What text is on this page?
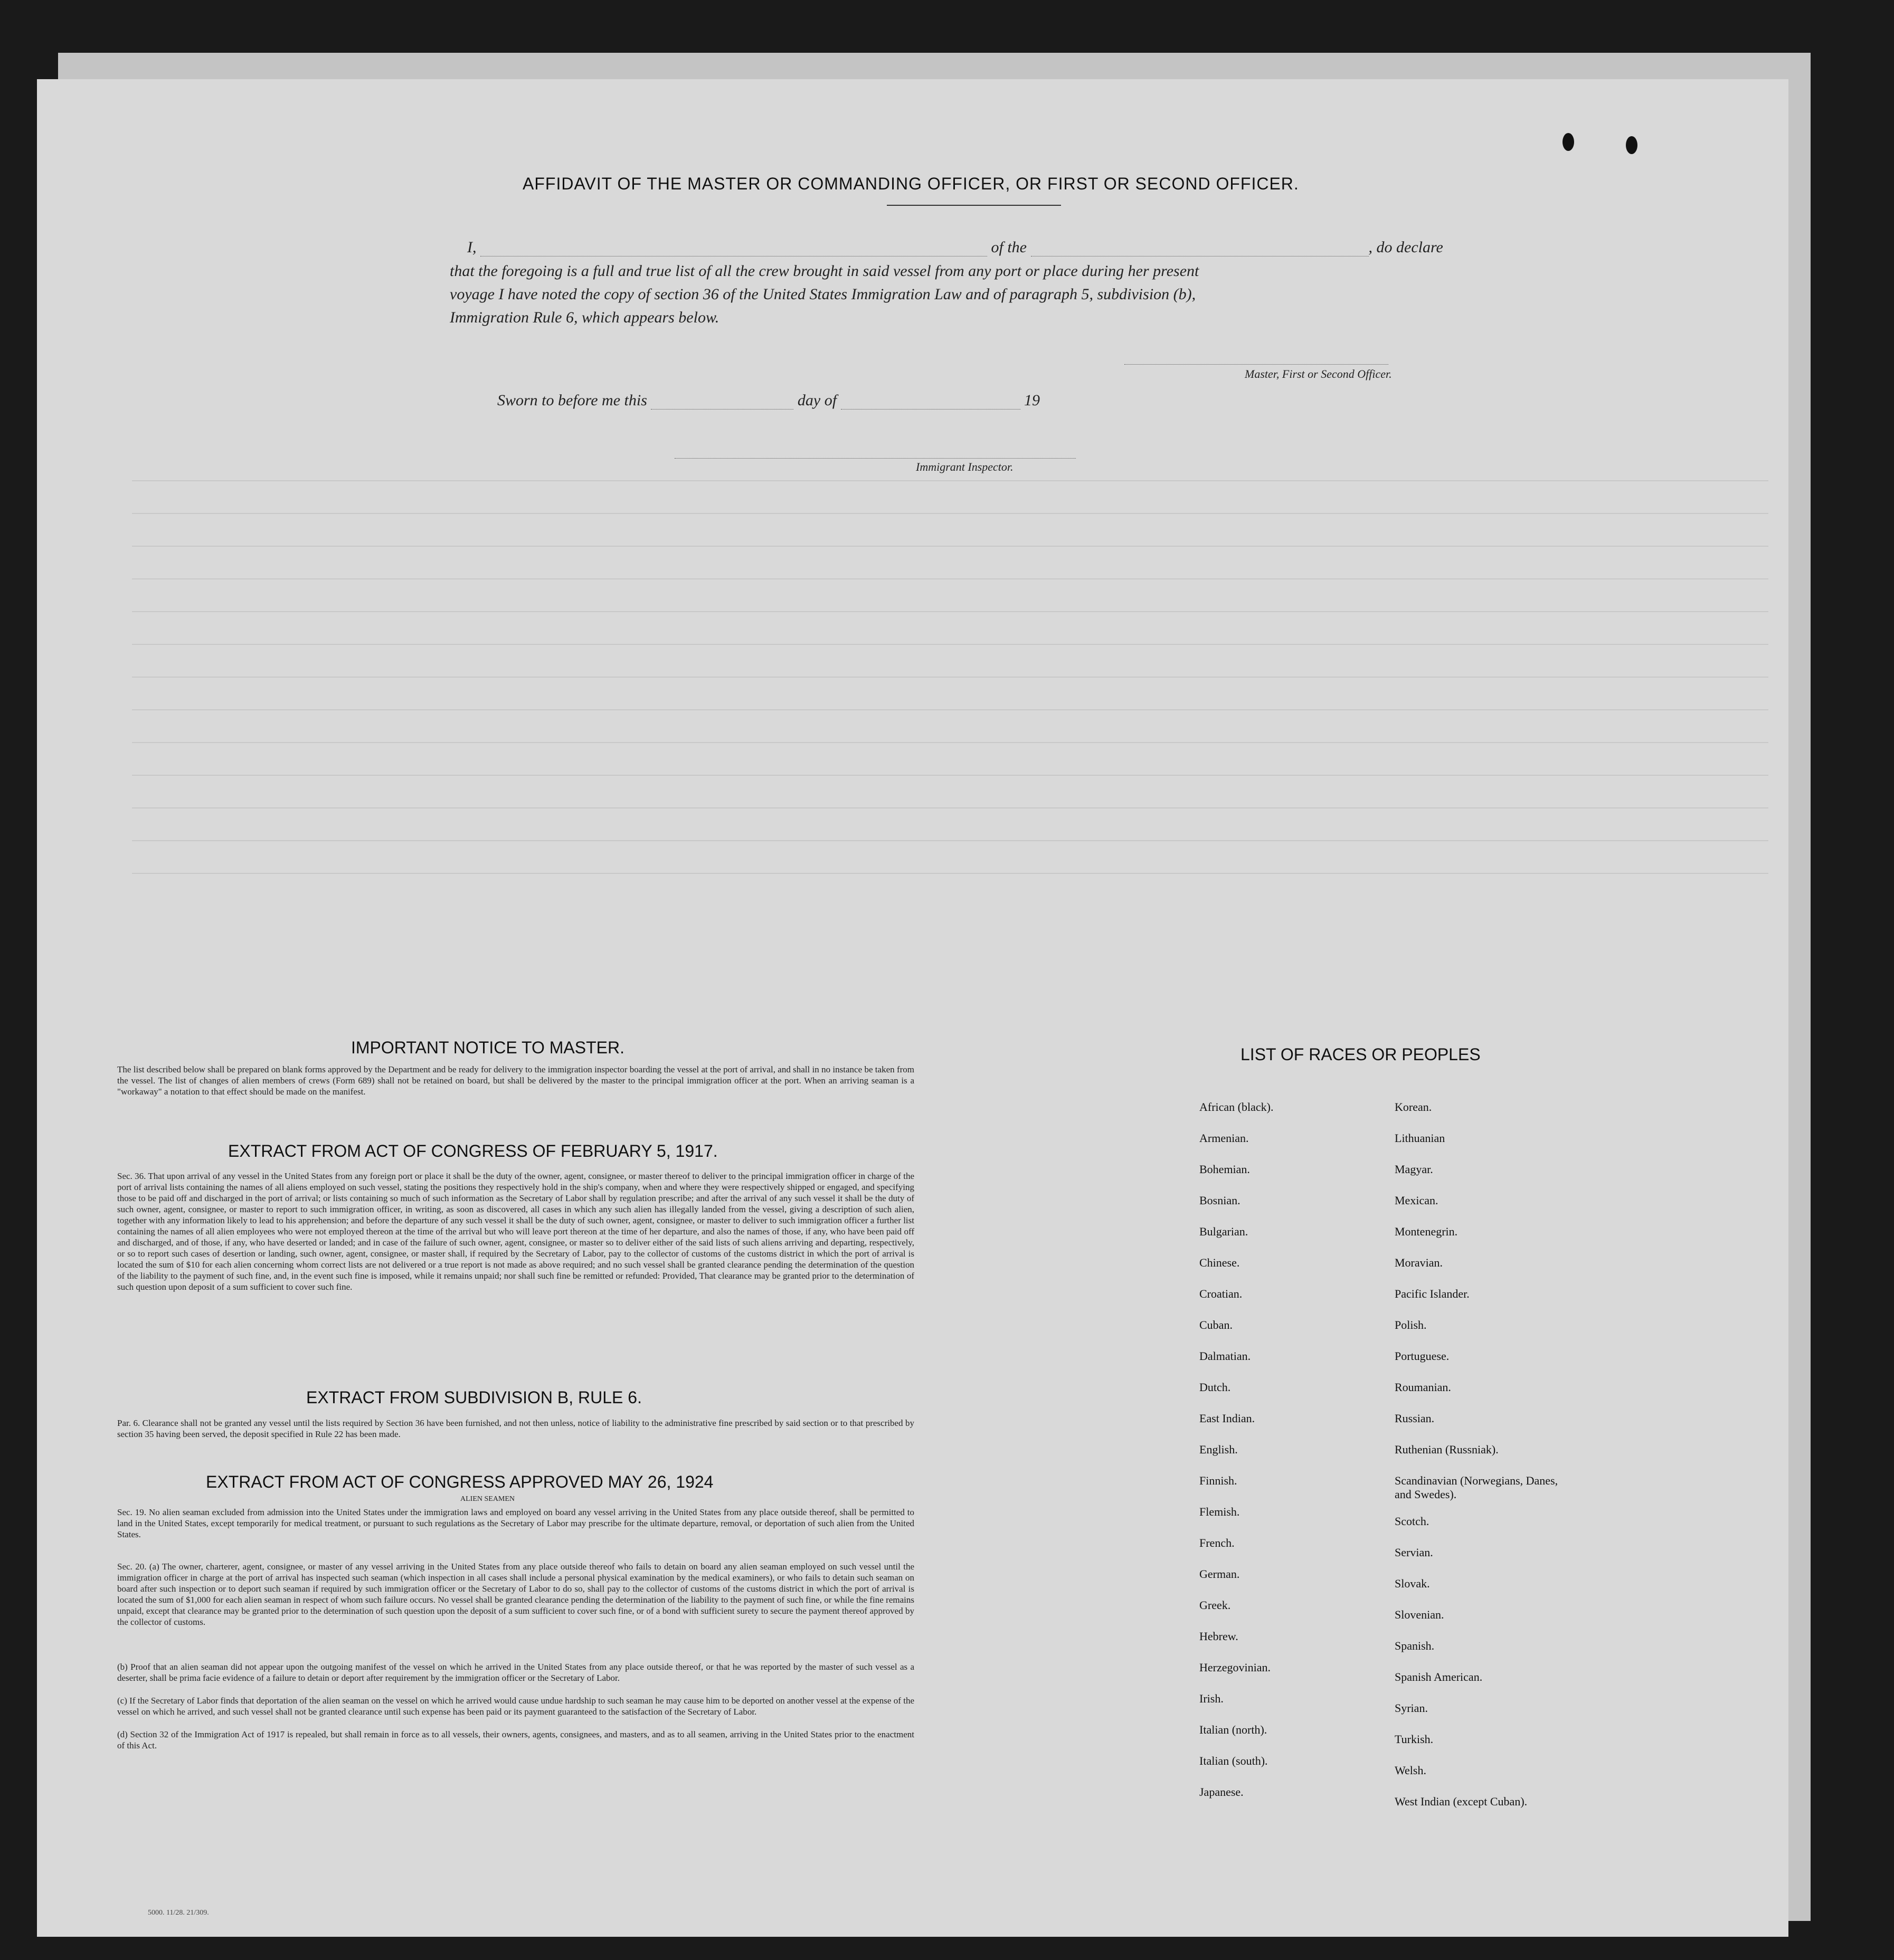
AFFIDAVIT OF THE MASTER OR COMMANDING OFFICER, OR FIRST OR SECOND OFFICER.
I,	of the	, do declare
that the foregoing is a full and true list of all the crew brought in said vessel from any port or place during her present
voyage I have noted the copy of section 36 of the United States Immigration Law and of paragraph 5, subdivision (b),
Immigration Rule 6, which appears below.
Master, First or Second Officer.
Sworn to before me this	day of	19
Immigrant Inspector.
IMPORTANT NOTICE TO MASTER.
The list described below shall be prepared on blank forms approved by the Department and be ready for delivery to the immigration inspector boarding the vessel at the port of arrival, and shall in no instance be taken from the vessel. The list of changes of alien members of crews (Form 689) shall not be retained on board, but shall be delivered by the master to the principal immigration officer at the port. When an arriving seaman is a "workaway" a notation to that effect should be made on the manifest.
EXTRACT FROM ACT OF CONGRESS OF FEBRUARY 5, 1917.
Sec. 36. That upon arrival of any vessel in the United States from any foreign port or place it shall be the duty of the owner, agent, consignee, or master thereof to deliver to the principal immigration officer in charge of the port of arrival lists containing the names of all aliens employed on such vessel, stating the positions they respectively hold in the ship's company, when and where they were respectively shipped or engaged, and specifying those to be paid off and discharged in the port of arrival; or lists containing so much of such information as the Secretary of Labor shall by regulation prescribe; and after the arrival of any such vessel it shall be the duty of such owner, agent, consignee, or master to report to such immigration officer, in writing, as soon as discovered, all cases in which any such alien has illegally landed from the vessel, giving a description of such alien, together with any information likely to lead to his apprehension; and before the departure of any such vessel it shall be the duty of such owner, agent, consignee, or master to deliver to such immigration officer a further list containing the names of all alien employees who were not employed thereon at the time of the arrival but who will leave port thereon at the time of her departure, and also the names of those, if any, who have been paid off and discharged, and of those, if any, who have deserted or landed; and in case of the failure of such owner, agent, consignee, or master so to deliver either of the said lists of such aliens arriving and departing, respectively, or so to report such cases of desertion or landing, such owner, agent, consignee, or master shall, if required by the Secretary of Labor, pay to the collector of customs of the customs district in which the port of arrival is located the sum of $10 for each alien concerning whom correct lists are not delivered or a true report is not made as above required; and no such vessel shall be granted clearance pending the determination of the question of the liability to the payment of such fine, and, in the event such fine is imposed, while it remains unpaid; nor shall such fine be remitted or refunded: Provided, That clearance may be granted prior to the determination of such question upon deposit of a sum sufficient to cover such fine.
EXTRACT FROM SUBDIVISION B, RULE 6.
Par. 6. Clearance shall not be granted any vessel until the lists required by Section 36 have been furnished, and not then unless, notice of liability to the administrative fine prescribed by said section or to that prescribed by section 35 having been served, the deposit specified in Rule 22 has been made.
EXTRACT FROM ACT OF CONGRESS APPROVED MAY 26, 1924
ALIEN SEAMEN
Sec. 19. No alien seaman excluded from admission into the United States under the immigration laws and employed on board any vessel arriving in the United States from any place outside thereof, shall be permitted to land in the United States, except temporarily for medical treatment, or pursuant to such regulations as the Secretary of Labor may prescribe for the ultimate departure, removal, or deportation of such alien from the United States.
Sec. 20. (a) The owner, charterer, agent, consignee, or master of any vessel arriving in the United States from any place outside thereof who fails to detain on board any alien seaman employed on such vessel until the immigration officer in charge at the port of arrival has inspected such seaman (which inspection in all cases shall include a personal physical examination by the medical examiners), or who fails to detain such seaman on board after such inspection or to deport such seaman if required by such immigration officer or the Secretary of Labor to do so, shall pay to the collector of customs of the customs district in which the port of arrival is located the sum of $1,000 for each alien seaman in respect of whom such failure occurs. No vessel shall be granted clearance pending the determination of the liability to the payment of such fine, or while the fine remains unpaid, except that clearance may be granted prior to the determination of such question upon the deposit of a sum sufficient to cover such fine, or of a bond with sufficient surety to secure the payment thereof approved by the collector of customs.
(b) Proof that an alien seaman did not appear upon the outgoing manifest of the vessel on which he arrived in the United States from any place outside thereof, or that he was reported by the master of such vessel as a deserter, shall be prima facie evidence of a failure to detain or deport after requirement by the immigration officer or the Secretary of Labor.
(c) If the Secretary of Labor finds that deportation of the alien seaman on the vessel on which he arrived would cause undue hardship to such seaman he may cause him to be deported on another vessel at the expense of the vessel on which he arrived, and such vessel shall not be granted clearance until such expense has been paid or its payment guaranteed to the satisfaction of the Secretary of Labor.
(d) Section 32 of the Immigration Act of 1917 is repealed, but shall remain in force as to all vessels, their owners, agents, consignees, and masters, and as to all seamen, arriving in the United States prior to the enactment of this Act.
LIST OF RACES OR PEOPLES
African (black).
Armenian.
Bohemian.
Bosnian.
Bulgarian.
Chinese.
Croatian.
Cuban.
Dalmatian.
Dutch.
East Indian.
English.
Finnish.
Flemish.
French.
German.
Greek.
Hebrew.
Herzegovinian.
Irish.
Italian (north).
Italian (south).
Japanese.
Korean.
Lithuanian
Magyar.
Mexican.
Montenegrin.
Moravian.
Pacific Islander.
Polish.
Portuguese.
Roumanian.
Russian.
Ruthenian (Russniak).
Scandinavian (Norwegians, Danes, and Swedes).
Scotch.
Servian.
Slovak.
Slovenian.
Spanish.
Spanish American.
Syrian.
Turkish.
Welsh.
West Indian (except Cuban).
5000. 11/28. 21/309.
